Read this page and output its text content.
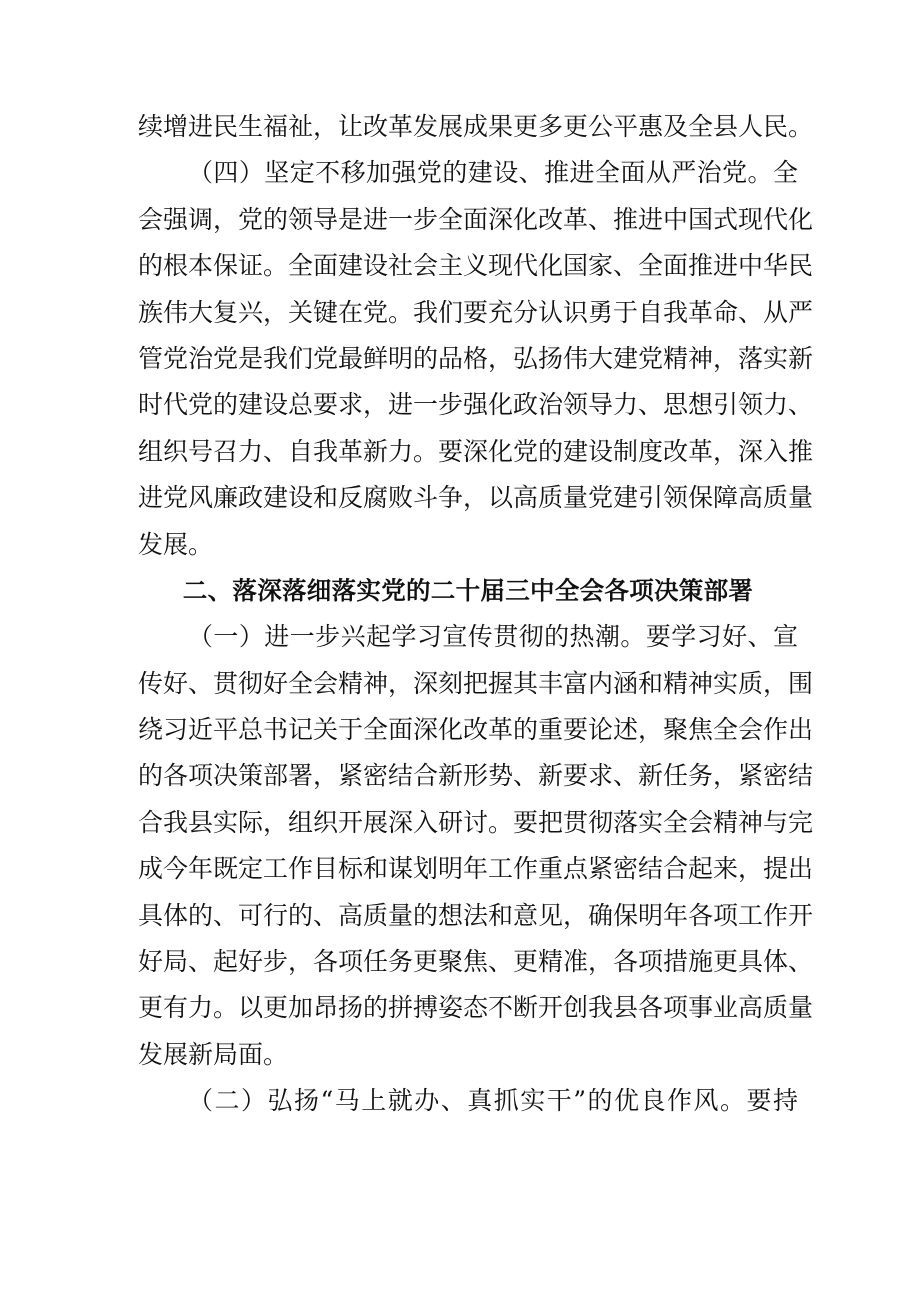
续增进民生福祉，让改革发展成果更多更公平惠及全县人民。
（四）坚定不移加强党的建设、推进全面从严治党。全
会强调，党的领导是进一步全面深化改革、推进中国式现代化
的根本保证。全面建设社会主义现代化国家、全面推进中华民
族伟大复兴，关键在党。我们要充分认识勇于自我革命、从严
管党治党是我们党最鲜明的品格，弘扬伟大建党精神，落实新
时代党的建设总要求，进一步强化政治领导力、思想引领力、
组织号召力、自我革新力。要深化党的建设制度改革，深入推
进党风廉政建设和反腐败斗争，以高质量党建引领保障高质量
发展。
二、落深落细落实党的二十届三中全会各项决策部署
（一）进一步兴起学习宣传贯彻的热潮。要学习好、宣
传好、贯彻好全会精神，深刻把握其丰富内涵和精神实质，围
绕习近平总书记关于全面深化改革的重要论述，聚焦全会作出
的各项决策部署，紧密结合新形势、新要求、新任务，紧密结
合我县实际，组织开展深入研讨。要把贯彻落实全会精神与完
成今年既定工作目标和谋划明年工作重点紧密结合起来，提出
具体的、可行的、高质量的想法和意见，确保明年各项工作开
好局、起好步，各项任务更聚焦、更精准，各项措施更具体、
更有力。以更加昂扬的拼搏姿态不断开创我县各项事业高质量
发展新局面。
（二）弘扬“马上就办、真抓实干”的优良作风。要持
